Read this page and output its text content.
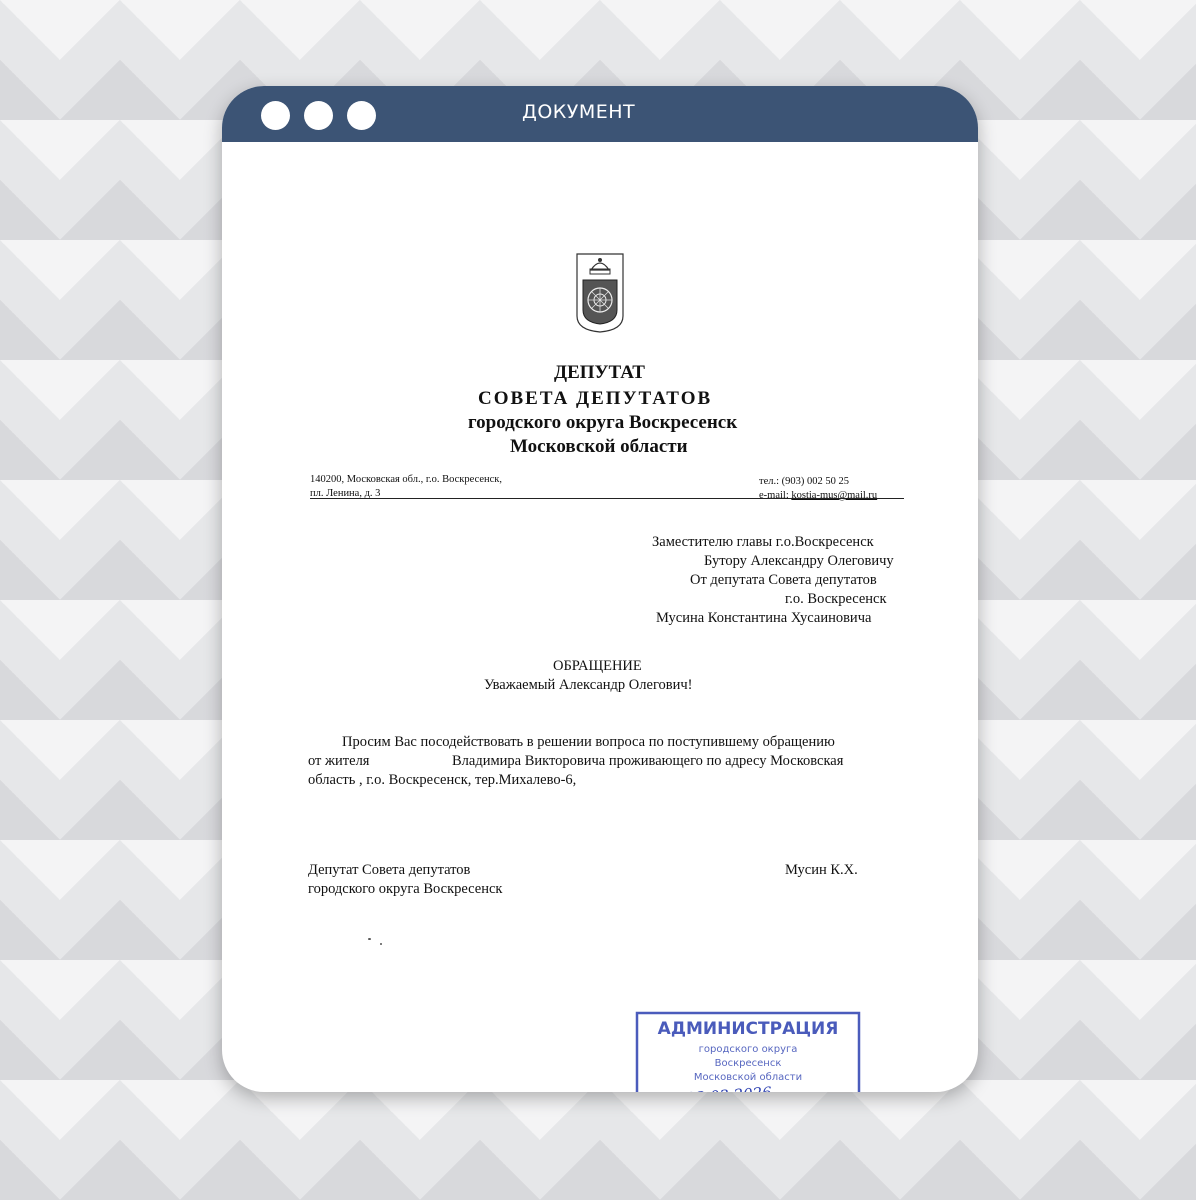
ДОКУМЕНТ
ДЕПУТАТ
СОВЕТА ДЕПУТАТОВ
городского округа Воскресенск
Московской области
140200, Московская обл., г.о. Воскресенск,
пл. Ленина, д. 3
тел.: (903) 002 50 25
e-mail: kostia-mus@mail.ru
Заместителю главы г.о.Воскресенск
Бутору Александру Олеговичу
От депутата Совета депутатов
г.о. Воскресенск
Мусина Константина Хусаиновича
ОБРАЩЕНИЕ
Уважаемый Александр Олегович!
Просим Вас посодействовать в решении вопроса по поступившему обращению
от жителя	Владимира Викторовича проживающего по адресу Московская
область , г.о. Воскресенск, тер.Михалево-6,
Депутат Совета депутатов
городского округа Воскресенск
Мусин К.Х.
АДМИНИСТРАЦИЯ
городского округа
Воскресенск
Московской области
Вход № 23.03.2026
